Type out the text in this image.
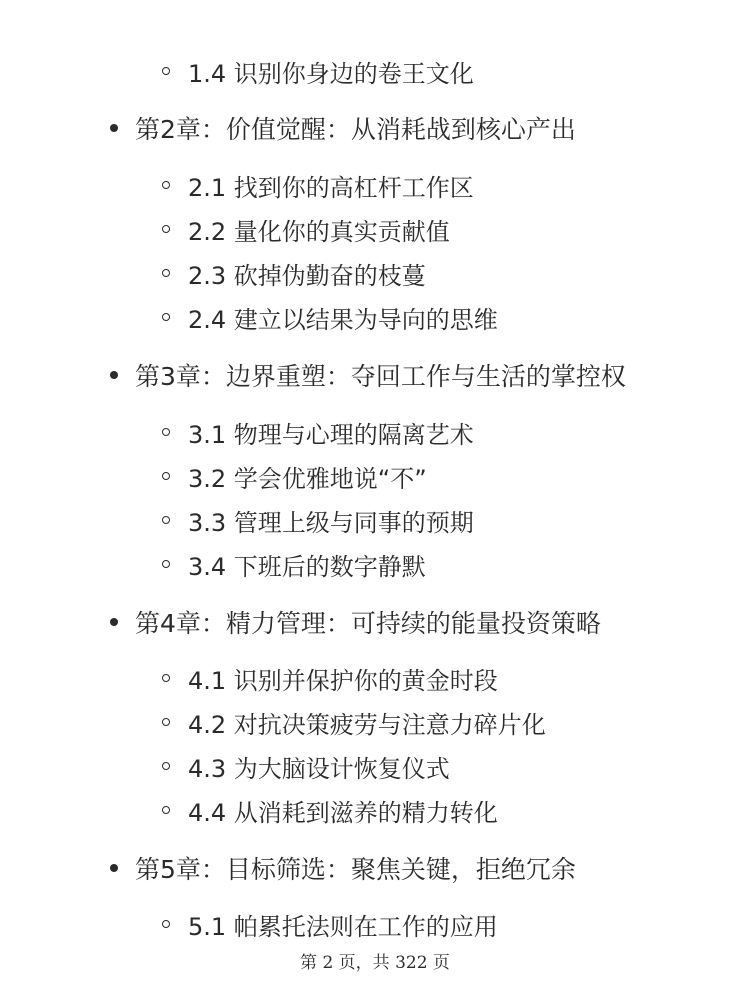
1.4 识别你身边的卷王文化
第2章：价值觉醒：从消耗战到核心产出
2.1 找到你的高杠杆工作区
2.2 量化你的真实贡献值
2.3 砍掉伪勤奋的枝蔓
2.4 建立以结果为导向的思维
第3章：边界重塑：夺回工作与生活的掌控权
3.1 物理与心理的隔离艺术
3.2 学会优雅地说“不”
3.3 管理上级与同事的预期
3.4 下班后的数字静默
第4章：精力管理：可持续的能量投资策略
4.1 识别并保护你的黄金时段
4.2 对抗决策疲劳与注意力碎片化
4.3 为大脑设计恢复仪式
4.4 从消耗到滋养的精力转化
第5章：目标筛选：聚焦关键，拒绝冗余
5.1 帕累托法则在工作的应用
第 2 页，共 322 页
